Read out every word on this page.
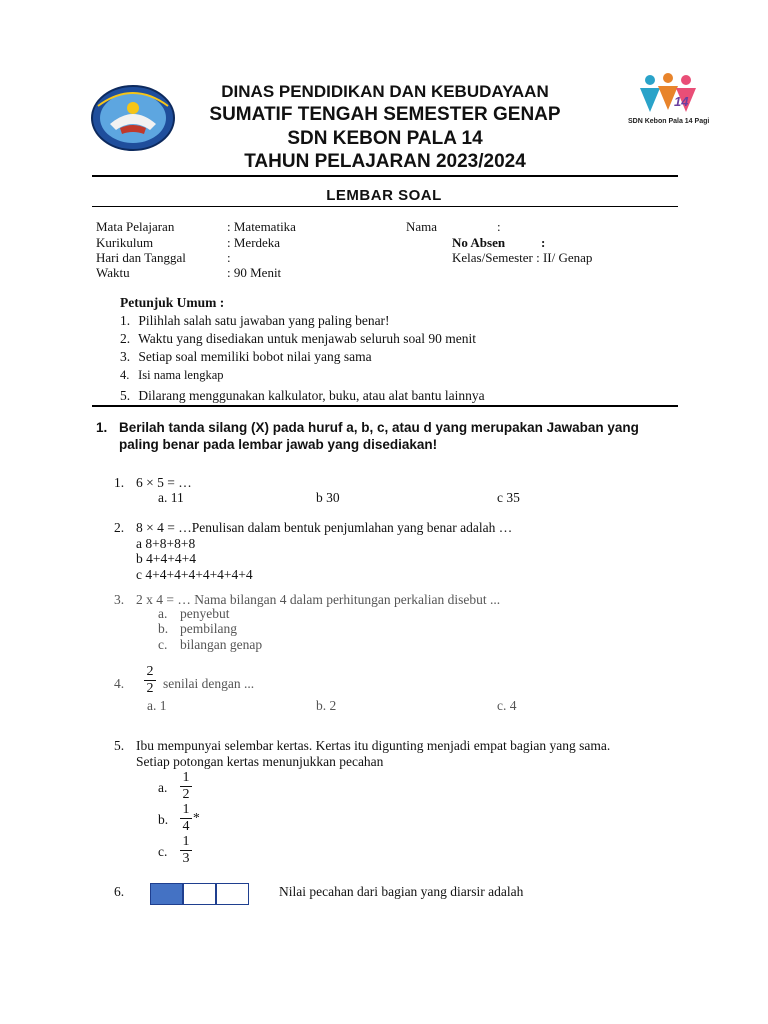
14
SDN Kebon Pala 14 Pagi
DINAS PENDIDIKAN DAN KEBUDAYAAN
SUMATIF TENGAH SEMESTER GENAP
SDN KEBON PALA 14
TAHUN PELAJARAN 2023/2024
LEMBAR SOAL
Mata Pelajaran	: Matematika
Kurikulum	: Merdeka
Hari dan Tanggal	:
Waktu	: 90 Menit
Nama	:
No Absen	:
Kelas/Semester : II/ Genap
Petunjuk Umum :
1. Pilihlah salah satu jawaban yang paling benar!
2. Waktu yang disediakan untuk menjawab seluruh soal 90 menit
3. Setiap soal memiliki bobot nilai yang sama
4. Isi nama lengkap
5. Dilarang menggunakan kalkulator, buku, atau alat bantu lainnya
1. Berilah tanda silang (X) pada huruf a, b, c, atau d yang merupakan Jawaban yang paling benar pada lembar jawab yang disediakan!
1. 6 × 5 = …
a. 11	b 30	c 35
2. 8 × 4 = …Penulisan dalam bentuk penjumlahan yang benar adalah …
a 8+8+8+8
b 4+4+4+4
c 4+4+4+4+4+4+4+4
3. 2 x 4 = … Nama bilangan 4 dalam perhitungan perkalian disebut ...
a. penyebut
b. pembilang
c. bilangan genap
4.
2
2 senilai dengan ...
a. 1	b. 2	c. 4
5. Ibu mempunyai selembar kertas. Kertas itu digunting menjadi empat bagian yang sama.
Setiap potongan kertas menunjukkan pecahan
a.
1
2
b.
1
4
*
c.
1
3
6.	Nilai pecahan dari bagian yang diarsir adalah
